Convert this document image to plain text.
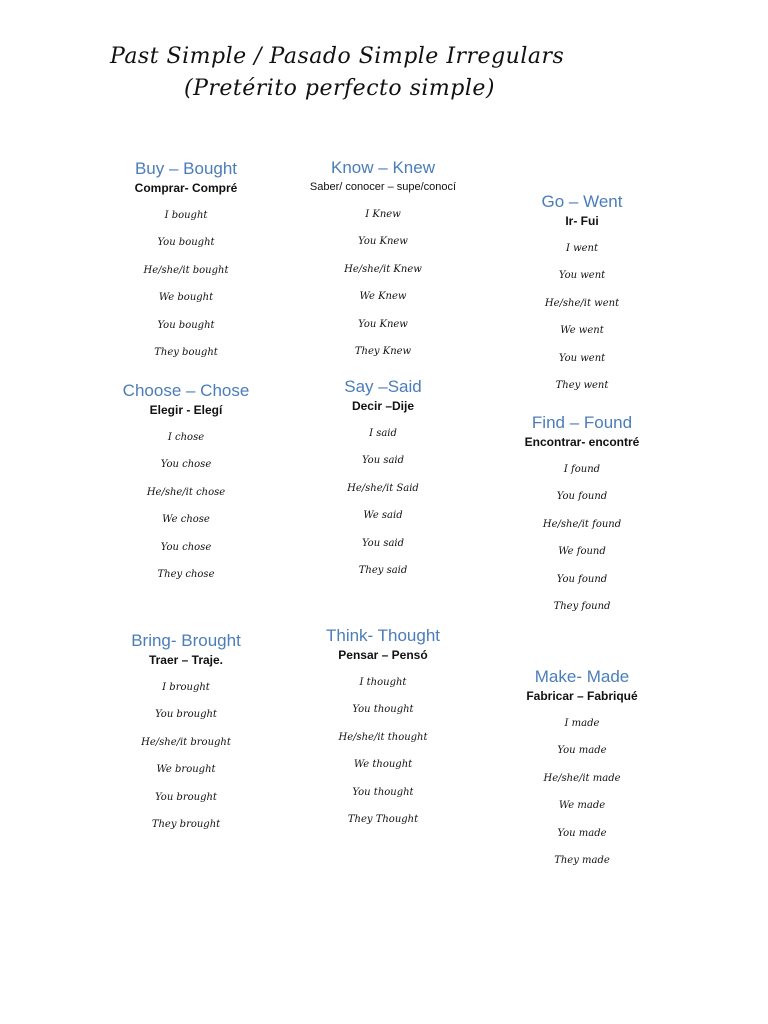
Past Simple / Pasado Simple Irregulars
(Pretérito perfecto simple)
Buy – Bought
Comprar- Compré
I bought
You bought
He/she/it bought
We bought
You bought
They bought
Choose – Chose
Elegir - Elegí
I chose
You chose
He/she/it chose
We chose
You chose
They chose
Bring- Brought
Traer – Traje.
I brought
You brought
He/she/it brought
We brought
You brought
They brought
Know – Knew
Saber/ conocer – supe/conocí
I Knew
You Knew
He/she/it Knew
We Knew
You Knew
They Knew
Say –Said
Decir –Dije
I said
You said
He/she/it Said
We said
You said
They said
Think- Thought
Pensar – Pensó
I thought
You thought
He/she/it thought
We thought
You thought
They Thought
Go – Went
Ir- Fui
I went
You went
He/she/it went
We went
You went
They went
Find – Found
Encontrar- encontré
I found
You found
He/she/it found
We found
You found
They found
Make- Made
Fabricar – Fabriqué
I made
You made
He/she/it made
We made
You made
They made
